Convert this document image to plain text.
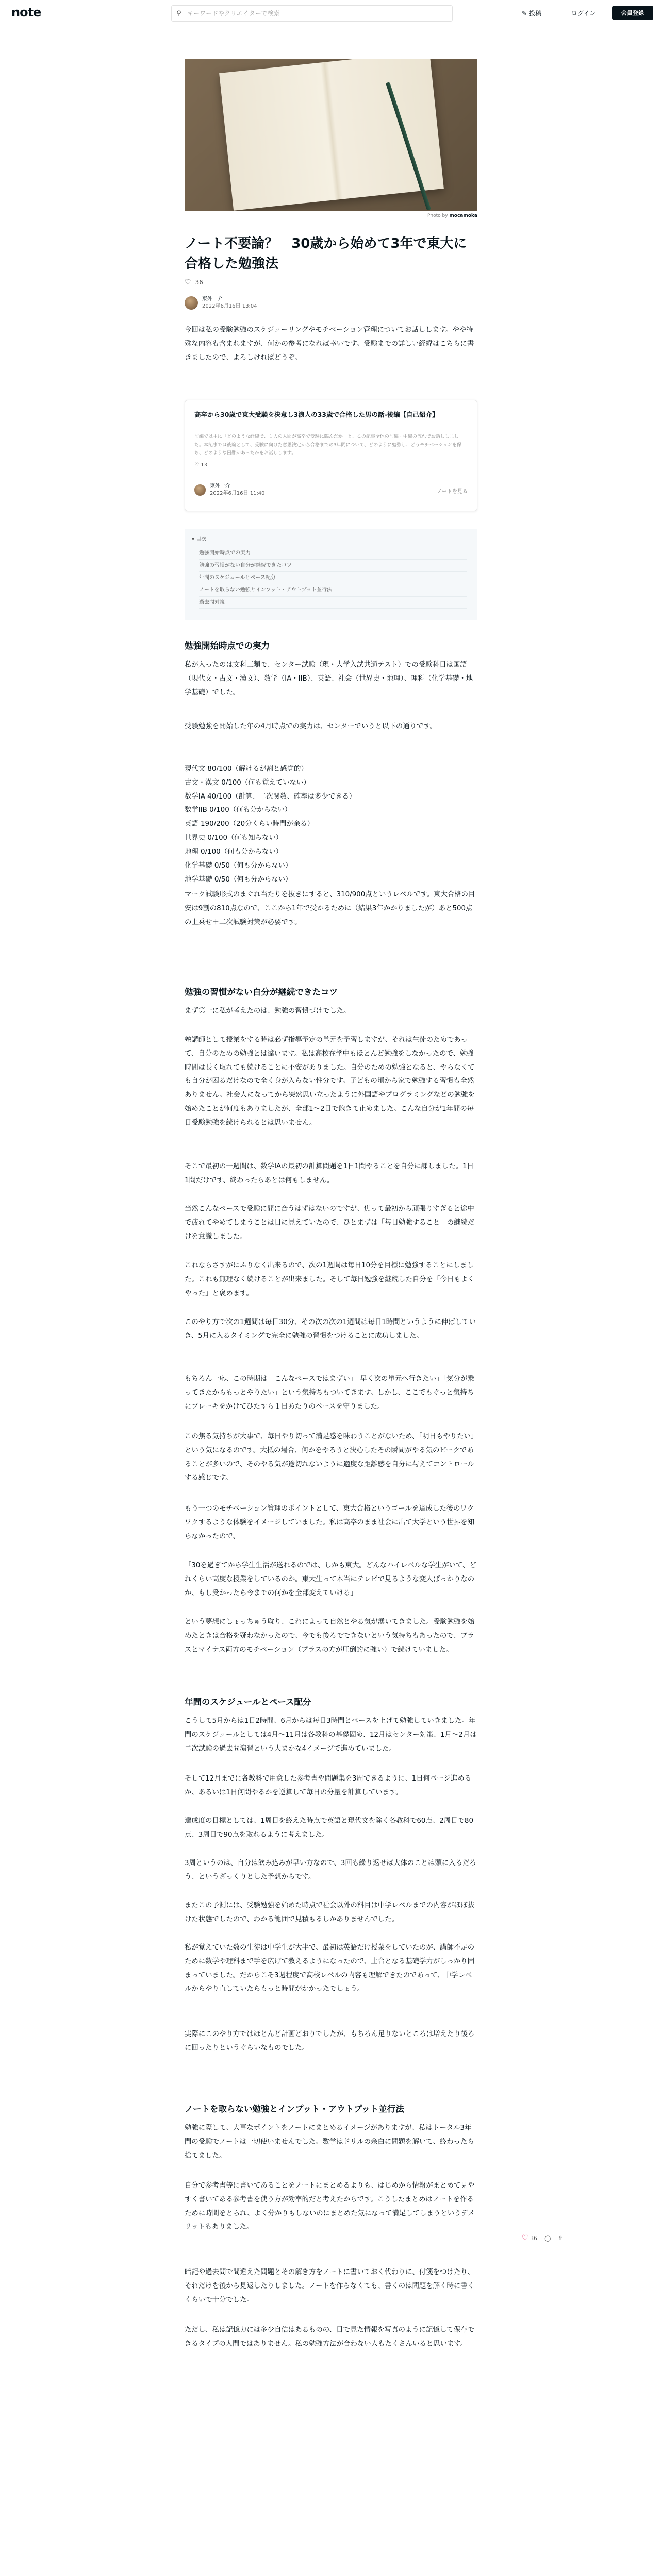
note	⚲
キーワードやクリエイターで検索	✎ 投稿	ログイン	会員登録
Photo by mocamoka
ノート不要論？　30歳から始めて3年で東大に合格した勉強法
♡ 36
東外一介
2022年6月16日 13:04

今回は私の受験勉強のスケジューリングやモチベーション管理についてお話しします。やや特殊な内容も含まれますが、何かの参考になれば幸いです。受験までの詳しい経緯はこちらに書きましたので、よろしければどうぞ。

高卒から30歳で東大受験を決意し3浪人の33歳で合格した男の話-後編【自己紹介】
前編では主に「どのような経緯で、１人の人間が高卒で受験に臨んだか」と、この記事全体の前編・中編の流れでお話ししました。本記事では後編として、受験に向けた意思決定から合格までの3年間について、どのように勉強し、どうモチベーションを保ち、どのような困難があったかをお話しします。
♡ 13
東外一介
2022年6月16日 11:40	ノートを見る
▾ 目次
勉強開始時点での実力
勉強の習慣がない自分が継続できたコツ
年間のスケジュールとペース配分
ノートを取らない勉強とインプット・アウトプット並行法
過去問対策
勉強開始時点での実力

私が入ったのは文科三類で、センター試験（現・大学入試共通テスト）での受験科目は国語（現代文・古文・漢文）、数学（IA・IIB）、英語、社会（世界史・地理）、理科（化学基礎・地学基礎）でした。

受験勉強を開始した年の4月時点での実力は、センターでいうと以下の通りです。

現代文 80/100（解けるが割と感覚的）
古文・漢文 0/100（何も覚えていない）
数学IA 40/100（計算、二次関数、確率は多少できる）
数学IIB 0/100（何も分からない）
英語 190/200（20分くらい時間が余る）
世界史 0/100（何も知らない）
地理 0/100（何も分からない）
化学基礎 0/50（何も分からない）
地学基礎 0/50（何も分からない）

マーク試験形式のまぐれ当たりを抜きにすると、310/900点というレベルです。東大合格の目安は9割の810点なので、ここから1年で受かるために（結果3年かかりましたが）あと500点の上乗せ＋二次試験対策が必要です。

勉強の習慣がない自分が継続できたコツ

まず第一に私が考えたのは、勉強の習慣づけでした。

塾講師として授業をする時は必ず指導予定の単元を予習しますが、それは生徒のためであって、自分のための勉強とは違います。私は高校在学中もほとんど勉強をしなかったので、勉強時間は長く取れても続けることに不安がありました。自分のための勉強となると、やらなくても自分が困るだけなので全く身が入らない性分です。子どもの頃から家で勉強する習慣も全然ありません。社会人になってから突然思い立ったように外国語やプログラミングなどの勉強を始めたことが何度もありましたが、全部1〜2日で飽きて止めました。こんな自分が1年間の毎日受験勉強を続けられるとは思いません。

そこで最初の一週間は、数学IAの最初の計算問題を1日1問やることを自分に課しました。1日1問だけです、終わったらあとは何もしません。

当然こんなペースで受験に間に合うはずはないのですが、焦って最初から頑張りすぎると途中で疲れてやめてしまうことは目に見えていたので、ひとまずは「毎日勉強すること」の継続だけを意識しました。

これならさすがにふりなく出来るので、次の1週間は毎日10分を目標に勉強することにしました。これも無理なく続けることが出来ました。そして毎日勉強を継続した自分を「今日もよくやった」と褒めます。

このやり方で次の1週間は毎日30分、その次の次の1週間は毎日1時間というように伸ばしていき、5月に入るタイミングで完全に勉強の習慣をつけることに成功しました。

もちろん一応、この時期は「こんなペースではまずい」「早く次の単元へ行きたい」「気分が乗ってきたからもっとやりたい」という気持ちもついてきます。しかし、ここでもぐっと気持ちにブレーキをかけてひたすら１日あたりのペースを守りました。

この焦る気持ちが大事で、毎日やり切って満足感を味わうことがないため、「明日もやりたい」という気になるのです。大抵の場合、何かをやろうと決心したその瞬間がやる気のピークであることが多いので、そのやる気が途切れないように適度な距離感を自分に与えてコントロールする感じです。

もう一つのモチベーション管理のポイントとして、東大合格というゴールを達成した後のワクワクするような体験をイメージしていました。私は高卒のまま社会に出て大学という世界を知らなかったので、

「30を過ぎてから学生生活が送れるのでは、しかも東大。どんなハイレベルな学生がいて、どれくらい高度な授業をしているのか。東大生って本当にテレビで見るような変人ばっかりなのか、もし受かったら今までの何かを全部変えていける」

という夢想にしょっちゅう耽り、これによって自然とやる気が湧いてきました。受験勉強を始めたときは合格を疑わなかったので、今でも後ろでできないという気持ちもあったので、プラスとマイナス両方のモチベーション（プラスの方が圧倒的に強い）で続けていました。

年間のスケジュールとペース配分

こうして5月からは1日2時間、6月からは毎日3時間とペースを上げて勉強していきました。年間のスケジュールとしては4月〜11月は各教科の基礎固め、12月はセンター対策、1月〜2月は二次試験の過去問演習という大まかな4イメージで進めていました。

そして12月までに各教科で用意した参考書や問題集を3周できるように、1日何ページ進めるか、あるいは1日何問やるかを逆算して毎日の分量を計算しています。

達成度の目標としては、1周目を終えた時点で英語と現代文を除く各教科で60点、2周目で80点、3周目で90点を取れるように考えました。

3周というのは、自分は飲み込みが早い方なので、3回も繰り返せば大体のことは頭に入るだろう、というざっくりとした予想からです。

またこの予測には、受験勉強を始めた時点で社会以外の科目は中学レベルまでの内容がほぼ抜けた状態でしたので、わかる範囲で見積もるしかありませんでした。

私が覚えていた数の生徒は中学生が大半で、最初は英語だけ授業をしていたのが、講師不足のために数学や理科まで手を広げて教えるようになったので、土台となる基礎学力がしっかり固まっていました。だからこそ3週程度で高校レベルの内容も理解できたのであって、中学レベルからやり直していたらもっと時間がかかったでしょう。

実際にこのやり方ではほとんど計画どおりでしたが、もちろん足りないところは増えたり後ろに回ったりというぐらいなものでした。

ノートを取らない勉強とインプット・アウトプット並行法

勉強に際して、大事なポイントをノートにまとめるイメージがありますが、私はトータル3年間の受験でノートは一切使いませんでした。数学はドリルの余白に問題を解いて、終わったら捨てました。

自分で参考書等に書いてあることをノートにまとめるよりも、はじめから情報がまとめて見やすく書いてある参考書を使う方が効率的だと考えたからです。こうしたまとめはノートを作るために時間をとられ、よく分かりもしないのにまとめた気になって満足してしまうというデメリットもありました。

暗記や過去問で間違えた問題とその解き方をノートに書いておく代わりに、付箋をつけたり、それだけを後から見返したりしました。ノートを作らなくても、書くのは問題を解く時に書くくらいで十分でした。

ただし、私は記憶力には多少自信はあるものの、目で見た情報を写真のように記憶して保存できるタイプの人間ではありません。私の勉強方法が合わない人もたくさんいると思います。

♡ 36 ◯ ⇧
